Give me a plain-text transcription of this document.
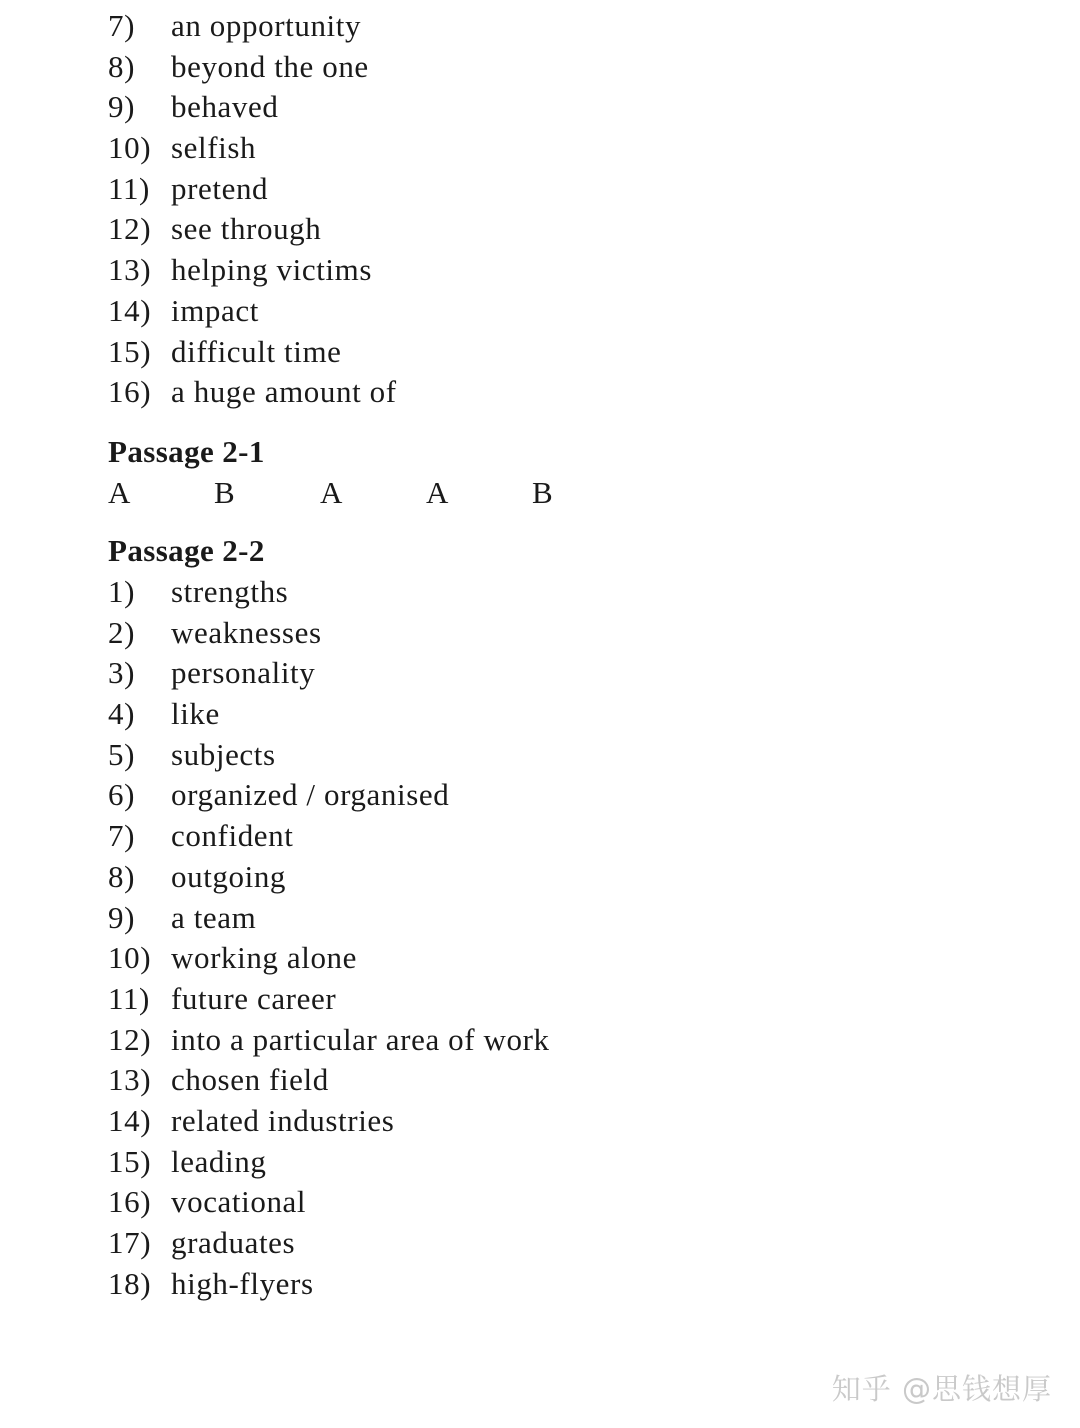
7) an opportunity
8) beyond the one
9) behaved
10) selfish
11) pretend
12) see through
13) helping victims
14) impact
15) difficult time
16) a huge amount of
Passage 2-1
A	B	A	A	B
Passage 2-2
1) strengths
2) weaknesses
3) personality
4) like
5) subjects
6) organized / organised
7) confident
8) outgoing
9) a team
10) working alone
11) future career
12) into a particular area of work
13) chosen field
14) related industries
15) leading
16) vocational
17) graduates
18) high-flyers
知乎 @思钱想厚
